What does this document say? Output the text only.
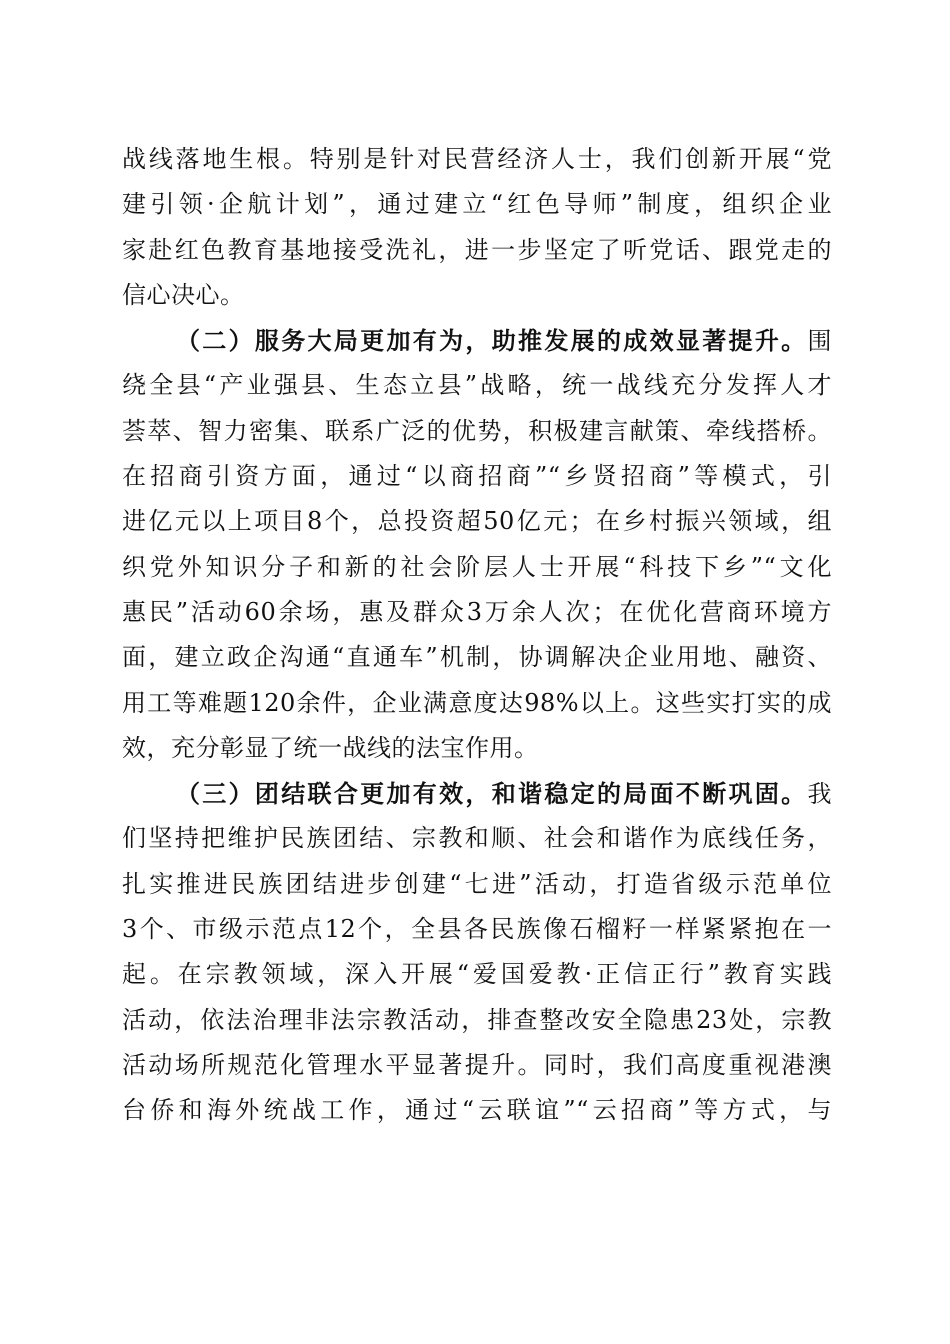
战线落地生根。特别是针对民营经济人士，我们创新开展“党
建引领·企航计划”，通过建立“红色导师”制度，组织企业
家赴红色教育基地接受洗礼，进一步坚定了听党话、跟党走的
信心决心。
（二）服务大局更加有为，助推发展的成效显著提升。围
绕全县“产业强县、生态立县”战略，统一战线充分发挥人才
荟萃、智力密集、联系广泛的优势，积极建言献策、牵线搭桥。
在招商引资方面，通过“以商招商”“乡贤招商”等模式，引
进亿元以上项目8个，总投资超50亿元；在乡村振兴领域，组
织党外知识分子和新的社会阶层人士开展“科技下乡”“文化
惠民”活动60余场，惠及群众3万余人次；在优化营商环境方
面，建立政企沟通“直通车”机制，协调解决企业用地、融资、
用工等难题120余件，企业满意度达98%以上。这些实打实的成
效，充分彰显了统一战线的法宝作用。
（三）团结联合更加有效，和谐稳定的局面不断巩固。我
们坚持把维护民族团结、宗教和顺、社会和谐作为底线任务，
扎实推进民族团结进步创建“七进”活动，打造省级示范单位
3个、市级示范点12个，全县各民族像石榴籽一样紧紧抱在一
起。在宗教领域，深入开展“爱国爱教·正信正行”教育实践
活动，依法治理非法宗教活动，排查整改安全隐患23处，宗教
活动场所规范化管理水平显著提升。同时，我们高度重视港澳
台侨和海外统战工作，通过“云联谊”“云招商”等方式，与
